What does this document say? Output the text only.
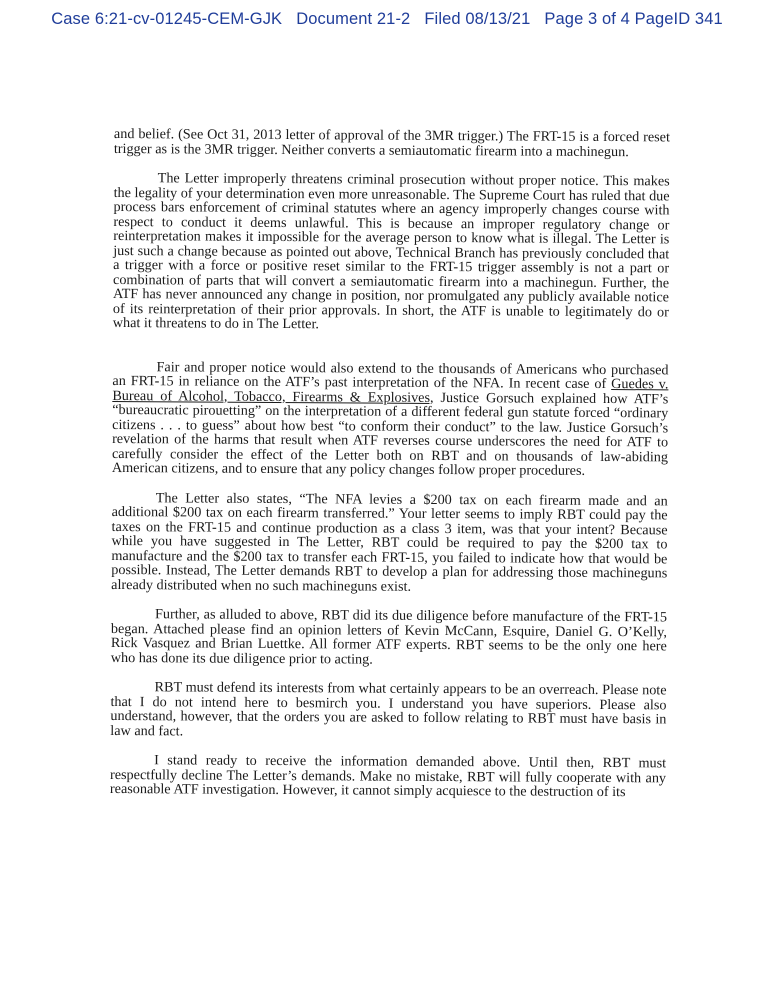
Case 6:21-cv-01245-CEM-GJK   Document 21-2   Filed 08/13/21   Page 3 of 4 PageID 341

and belief. (See Oct 31, 2013 letter of approval of the 3MR trigger.) The FRT-15 is a forced reset trigger as is the 3MR trigger. Neither converts a semiautomatic firearm into a machinegun.

The Letter improperly threatens criminal prosecution without proper notice. This makes the legality of your determination even more unreasonable. The Supreme Court has ruled that due process bars enforcement of criminal statutes where an agency improperly changes course with respect to conduct it deems unlawful. This is because an improper regulatory change or reinterpretation makes it impossible for the average person to know what is illegal. The Letter is just such a change because as pointed out above, Technical Branch has previously concluded that a trigger with a force or positive reset similar to the FRT-15 trigger assembly is not a part or combination of parts that will convert a semiautomatic firearm into a machinegun. Further, the ATF has never announced any change in position, nor promulgated any publicly available notice of its reinterpretation of their prior approvals. In short, the ATF is unable to legitimately do or what it threatens to do in The Letter.

Fair and proper notice would also extend to the thousands of Americans who purchased an FRT-15 in reliance on the ATF’s past interpretation of the NFA. In recent case of Guedes v. Bureau of Alcohol, Tobacco, Firearms & Explosives, Justice Gorsuch explained how ATF’s “bureaucratic pirouetting” on the interpretation of a different federal gun statute forced “ordinary citizens . . . to guess” about how best “to conform their conduct” to the law. Justice Gorsuch’s revelation of the harms that result when ATF reverses course underscores the need for ATF to carefully consider the effect of the Letter both on RBT and on thousands of law-abiding American citizens, and to ensure that any policy changes follow proper procedures.

The Letter also states, “The NFA levies a $200 tax on each firearm made and an additional $200 tax on each firearm transferred.” Your letter seems to imply RBT could pay the taxes on the FRT-15 and continue production as a class 3 item, was that your intent? Because while you have suggested in The Letter, RBT could be required to pay the $200 tax to manufacture and the $200 tax to transfer each FRT-15, you failed to indicate how that would be possible. Instead, The Letter demands RBT to develop a plan for addressing those machineguns already distributed when no such machineguns exist.

Further, as alluded to above, RBT did its due diligence before manufacture of the FRT-15 began. Attached please find an opinion letters of Kevin McCann, Esquire, Daniel G. O’Kelly, Rick Vasquez and Brian Luettke. All former ATF experts. RBT seems to be the only one here who has done its due diligence prior to acting.

RBT must defend its interests from what certainly appears to be an overreach. Please note that I do not intend here to besmirch you. I understand you have superiors. Please also understand, however, that the orders you are asked to follow relating to RBT must have basis in law and fact.

I stand ready to receive the information demanded above. Until then, RBT must respectfully decline The Letter’s demands. Make no mistake, RBT will fully cooperate with any reasonable ATF investigation. However, it cannot simply acquiesce to the destruction of its
